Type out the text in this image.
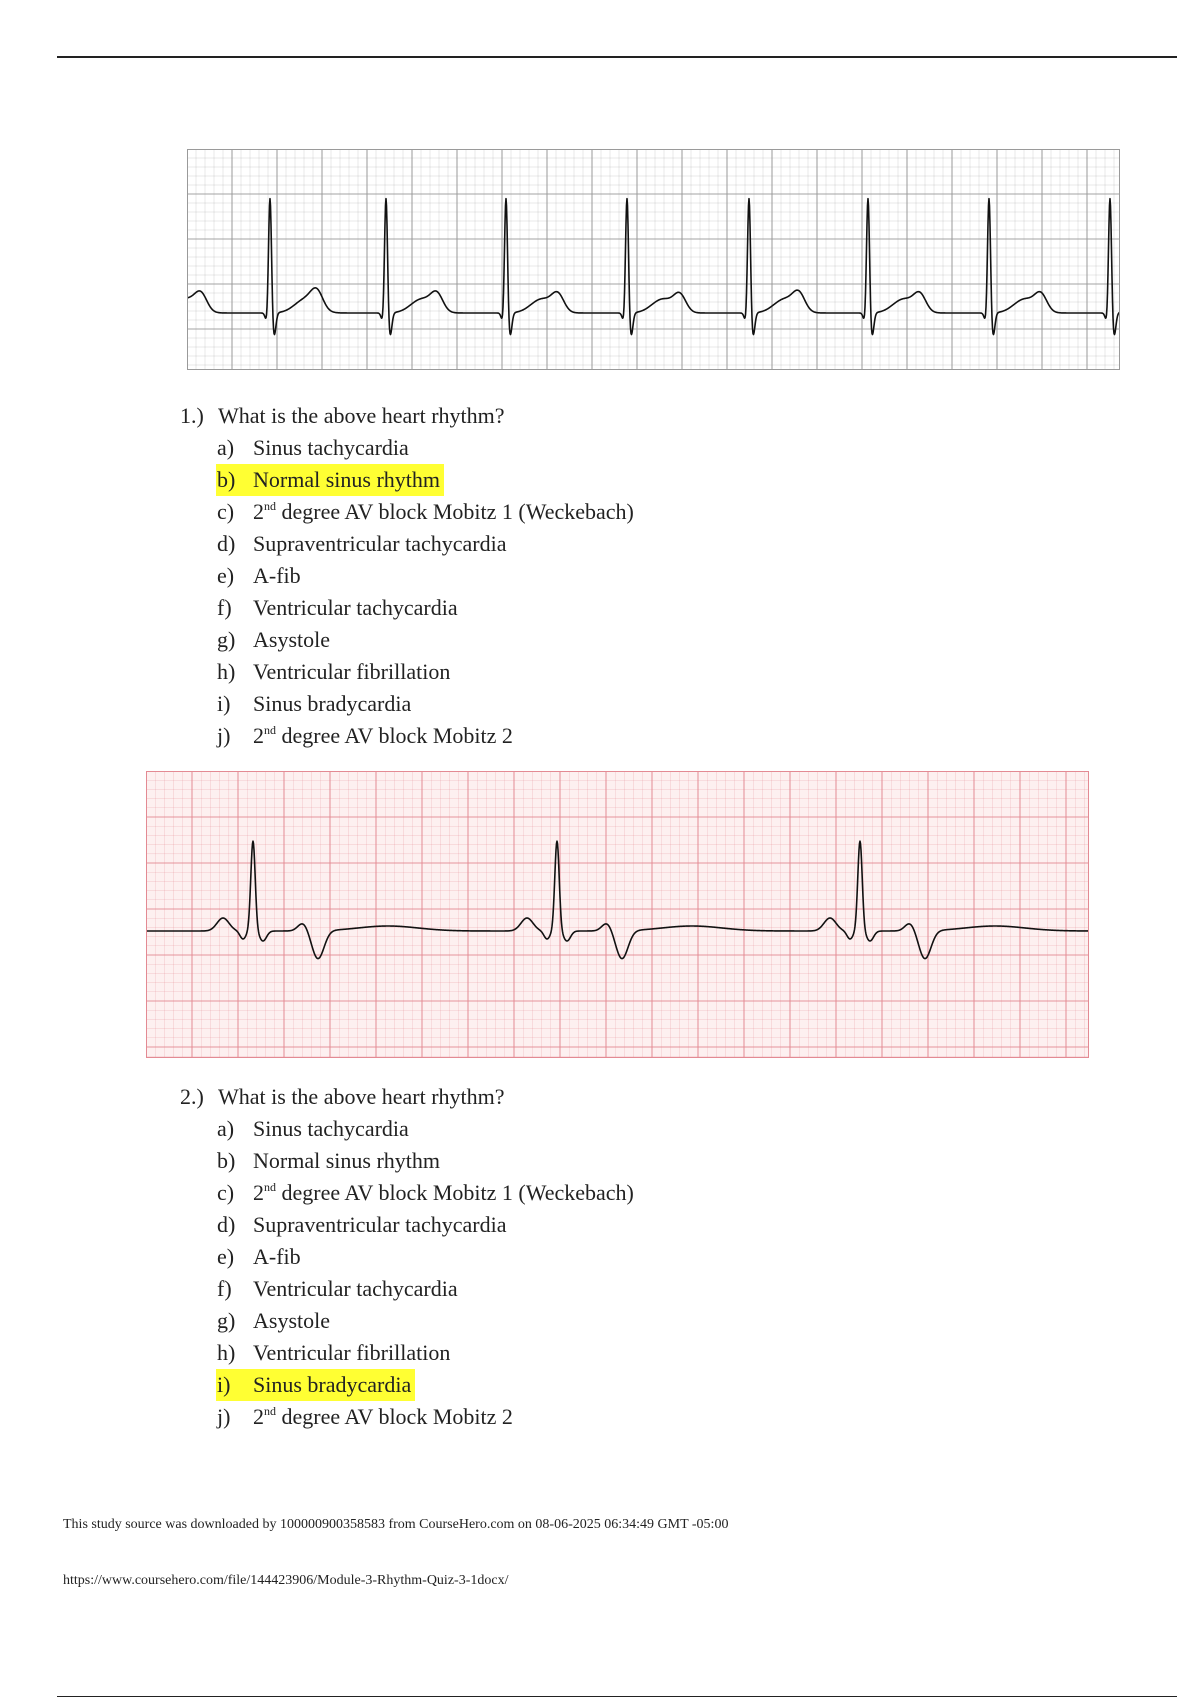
1.) What is the above heart rhythm?
a) Sinus tachycardia
b) Normal sinus rhythm
c) 2nd degree AV block Mobitz 1 (Weckebach)
d) Supraventricular tachycardia
e) A-fib
f) Ventricular tachycardia
g) Asystole
h) Ventricular fibrillation
i) Sinus bradycardia
j) 2nd degree AV block Mobitz 2
2.) What is the above heart rhythm?
a) Sinus tachycardia
b) Normal sinus rhythm
c) 2nd degree AV block Mobitz 1 (Weckebach)
d) Supraventricular tachycardia
e) A-fib
f) Ventricular tachycardia
g) Asystole
h) Ventricular fibrillation
i) Sinus bradycardia
j) 2nd degree AV block Mobitz 2
This study source was downloaded by 100000900358583 from CourseHero.com on 08-06-2025 06:34:49 GMT -05:00
https://www.coursehero.com/file/144423906/Module-3-Rhythm-Quiz-3-1docx/
